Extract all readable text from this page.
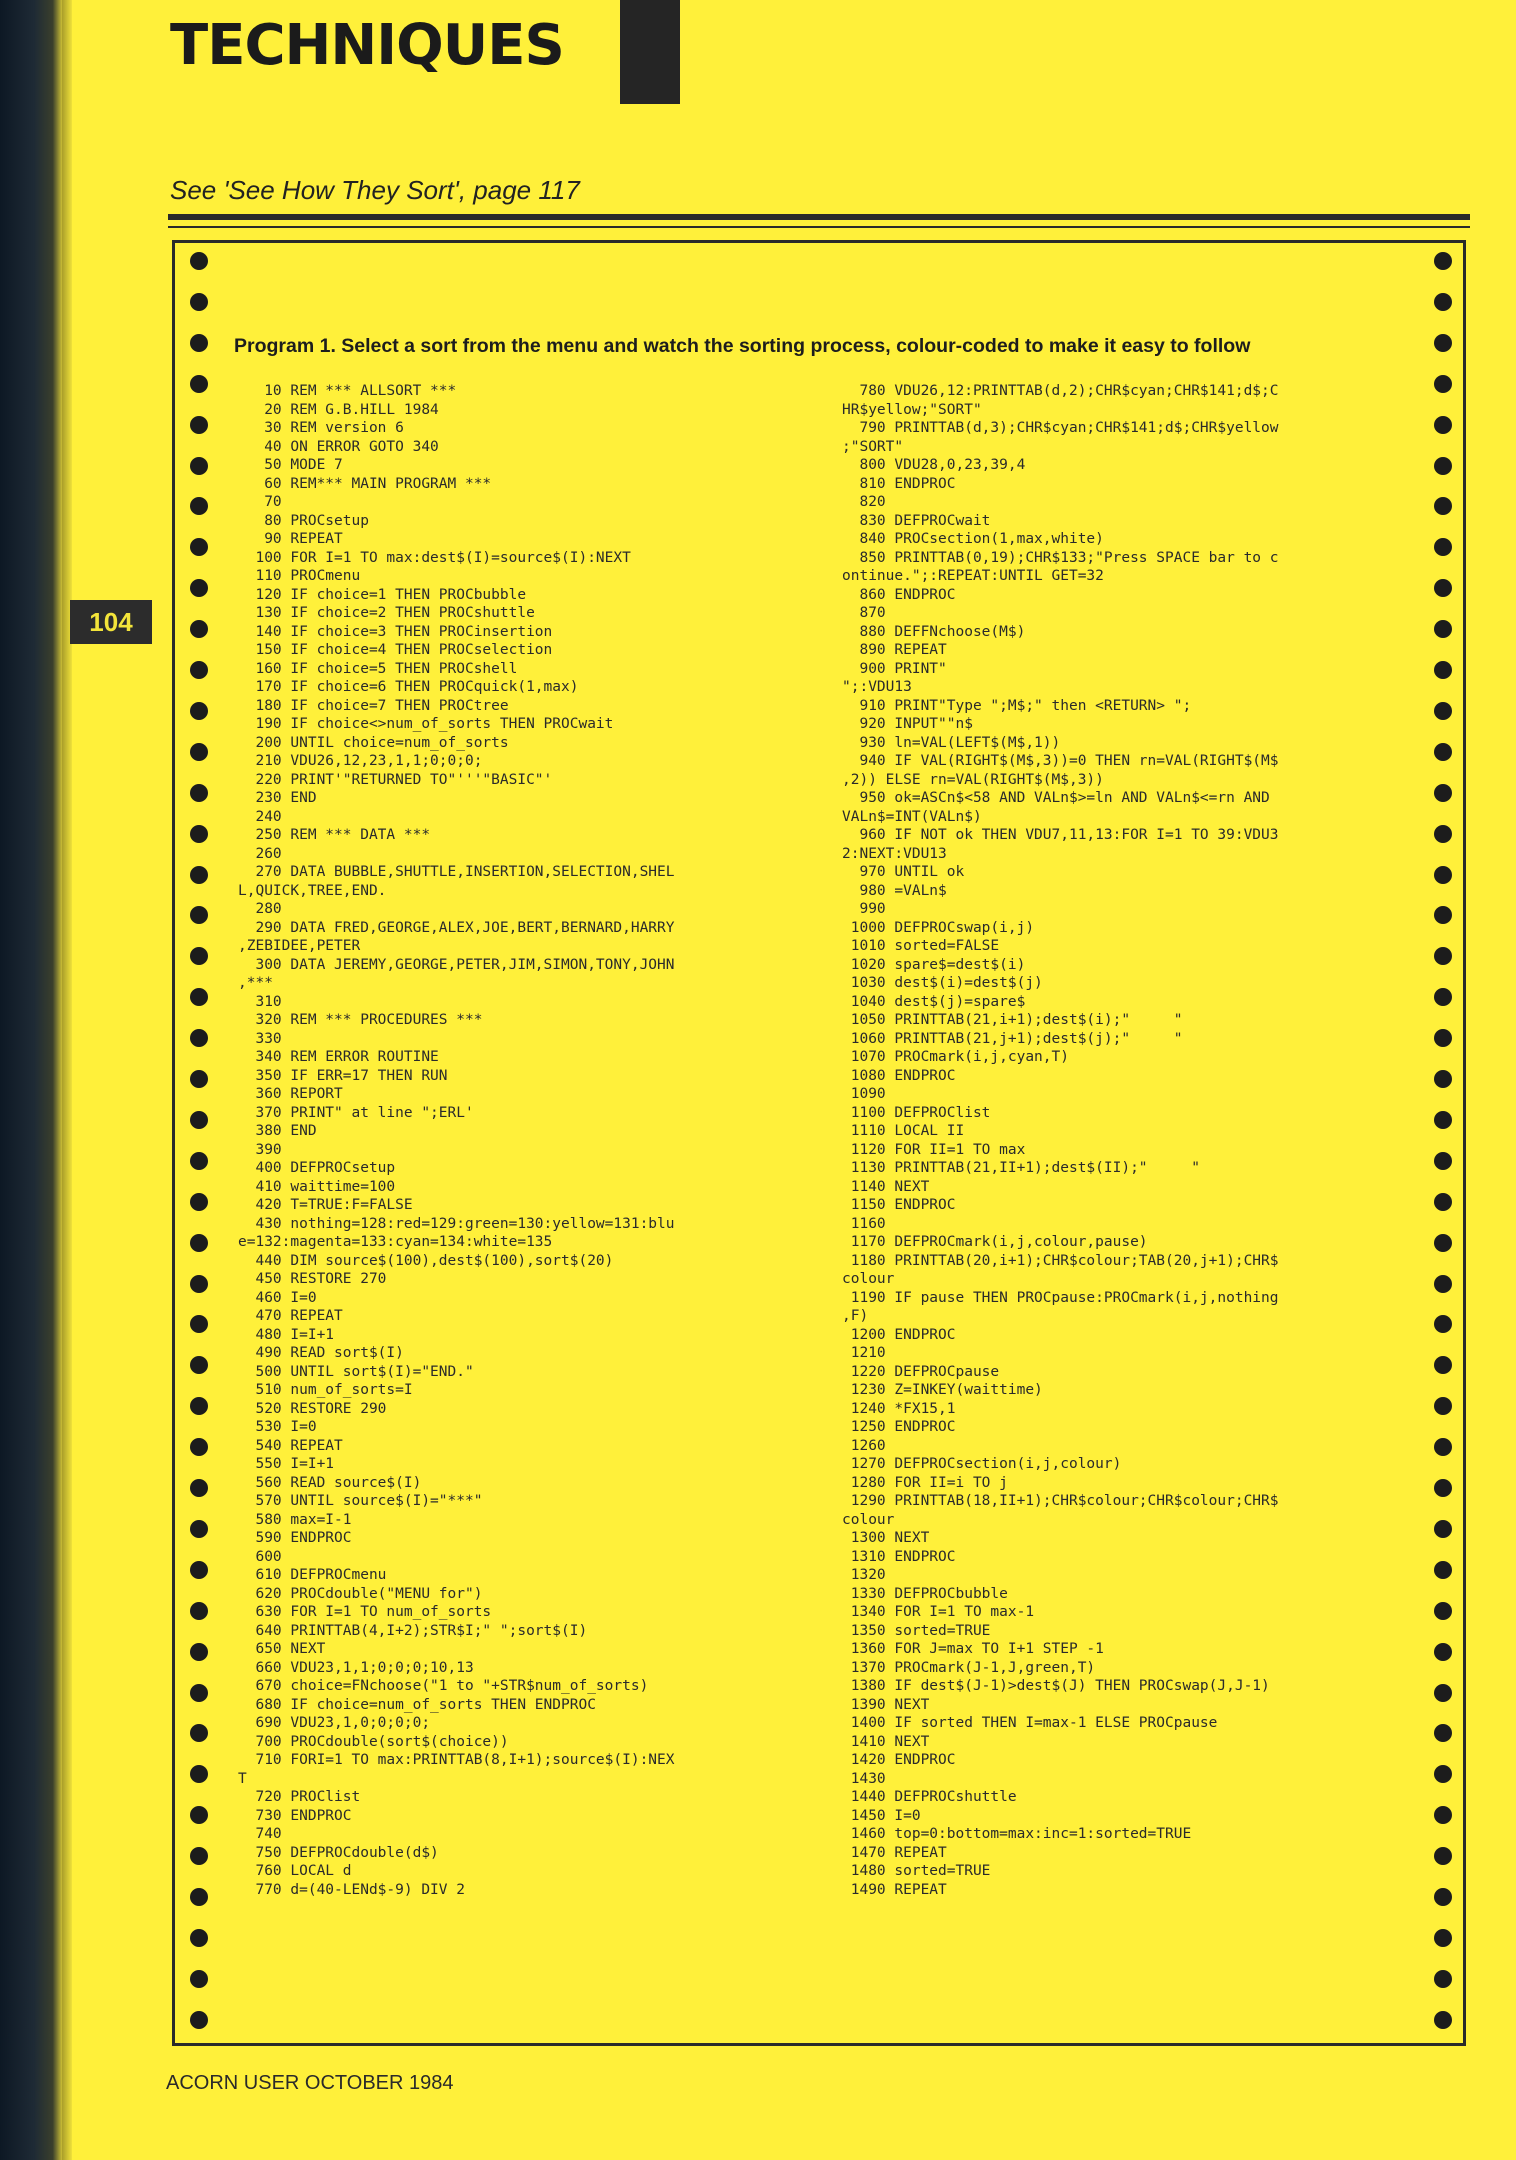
TECHNIQUES
See 'See How They Sort', page 117
104
Program 1. Select a sort from the menu and watch the sorting process, colour-coded to make it easy to follow
10 REM *** ALLSORT ***
20 REM G.B.HILL 1984
30 REM version 6
40 ON ERROR GOTO 340
50 MODE 7
60 REM*** MAIN PROGRAM ***
70
80 PROCsetup
90 REPEAT
100 FOR I=1 TO max:dest$(I)=source$(I):NEXT
110 PROCmenu
120 IF choice=1 THEN PROCbubble
130 IF choice=2 THEN PROCshuttle
140 IF choice=3 THEN PROCinsertion
150 IF choice=4 THEN PROCselection
160 IF choice=5 THEN PROCshell
170 IF choice=6 THEN PROCquick(1,max)
180 IF choice=7 THEN PROCtree
190 IF choice<>num_of_sorts THEN PROCwait
200 UNTIL choice=num_of_sorts
210 VDU26,12,23,1,1;0;0;0;
220 PRINT'"RETURNED TO"'''"BASIC"'
230 END
240
250 REM *** DATA ***
260
270 DATA BUBBLE,SHUTTLE,INSERTION,SELECTION,SHEL
L,QUICK,TREE,END.
280
290 DATA FRED,GEORGE,ALEX,JOE,BERT,BERNARD,HARRY
,ZEBIDEE,PETER
300 DATA JEREMY,GEORGE,PETER,JIM,SIMON,TONY,JOHN
,***
310
320 REM *** PROCEDURES ***
330
340 REM ERROR ROUTINE
350 IF ERR=17 THEN RUN
360 REPORT
370 PRINT" at line ";ERL'
380 END
390
400 DEFPROCsetup
410 waittime=100
420 T=TRUE:F=FALSE
430 nothing=128:red=129:green=130:yellow=131:blu
e=132:magenta=133:cyan=134:white=135
440 DIM source$(100),dest$(100),sort$(20)
450 RESTORE 270
460 I=0
470 REPEAT
480 I=I+1
490 READ sort$(I)
500 UNTIL sort$(I)="END."
510 num_of_sorts=I
520 RESTORE 290
530 I=0
540 REPEAT
550 I=I+1
560 READ source$(I)
570 UNTIL source$(I)="***"
580 max=I-1
590 ENDPROC
600
610 DEFPROCmenu
620 PROCdouble("MENU for")
630 FOR I=1 TO num_of_sorts
640 PRINTTAB(4,I+2);STR$I;" ";sort$(I)
650 NEXT
660 VDU23,1,1;0;0;0;10,13
670 choice=FNchoose("1 to "+STR$num_of_sorts)
680 IF choice=num_of_sorts THEN ENDPROC
690 VDU23,1,0;0;0;0;
700 PROCdouble(sort$(choice))
710 FORI=1 TO max:PRINTTAB(8,I+1);source$(I):NEX
T
720 PROClist
730 ENDPROC
740
750 DEFPROCdouble(d$)
760 LOCAL d
770 d=(40-LENd$-9) DIV 2
780 VDU26,12:PRINTTAB(d,2);CHR$cyan;CHR$141;d$;C
HR$yellow;"SORT"
790 PRINTTAB(d,3);CHR$cyan;CHR$141;d$;CHR$yellow
;"SORT"
800 VDU28,0,23,39,4
810 ENDPROC
820
830 DEFPROCwait
840 PROCsection(1,max,white)
850 PRINTTAB(0,19);CHR$133;"Press SPACE bar to c
ontinue.";:REPEAT:UNTIL GET=32
860 ENDPROC
870
880 DEFFNchoose(M$)
890 REPEAT
900 PRINT"
";:VDU13
910 PRINT"Type ";M$;" then <RETURN> ";
920 INPUT""n$
930 ln=VAL(LEFT$(M$,1))
940 IF VAL(RIGHT$(M$,3))=0 THEN rn=VAL(RIGHT$(M$
,2)) ELSE rn=VAL(RIGHT$(M$,3))
950 ok=ASCn$<58 AND VALn$>=ln AND VALn$<=rn AND
VALn$=INT(VALn$)
960 IF NOT ok THEN VDU7,11,13:FOR I=1 TO 39:VDU3
2:NEXT:VDU13
970 UNTIL ok
980 =VALn$
990
1000 DEFPROCswap(i,j)
1010 sorted=FALSE
1020 spare$=dest$(i)
1030 dest$(i)=dest$(j)
1040 dest$(j)=spare$
1050 PRINTTAB(21,i+1);dest$(i);"     "
1060 PRINTTAB(21,j+1);dest$(j);"     "
1070 PROCmark(i,j,cyan,T)
1080 ENDPROC
1090
1100 DEFPROClist
1110 LOCAL II
1120 FOR II=1 TO max
1130 PRINTTAB(21,II+1);dest$(II);"     "
1140 NEXT
1150 ENDPROC
1160
1170 DEFPROCmark(i,j,colour,pause)
1180 PRINTTAB(20,i+1);CHR$colour;TAB(20,j+1);CHR$
colour
1190 IF pause THEN PROCpause:PROCmark(i,j,nothing
,F)
1200 ENDPROC
1210
1220 DEFPROCpause
1230 Z=INKEY(waittime)
1240 *FX15,1
1250 ENDPROC
1260
1270 DEFPROCsection(i,j,colour)
1280 FOR II=i TO j
1290 PRINTTAB(18,II+1);CHR$colour;CHR$colour;CHR$
colour
1300 NEXT
1310 ENDPROC
1320
1330 DEFPROCbubble
1340 FOR I=1 TO max-1
1350 sorted=TRUE
1360 FOR J=max TO I+1 STEP -1
1370 PROCmark(J-1,J,green,T)
1380 IF dest$(J-1)>dest$(J) THEN PROCswap(J,J-1)
1390 NEXT
1400 IF sorted THEN I=max-1 ELSE PROCpause
1410 NEXT
1420 ENDPROC
1430
1440 DEFPROCshuttle
1450 I=0
1460 top=0:bottom=max:inc=1:sorted=TRUE
1470 REPEAT
1480 sorted=TRUE
1490 REPEAT
ACORN USER OCTOBER 1984
